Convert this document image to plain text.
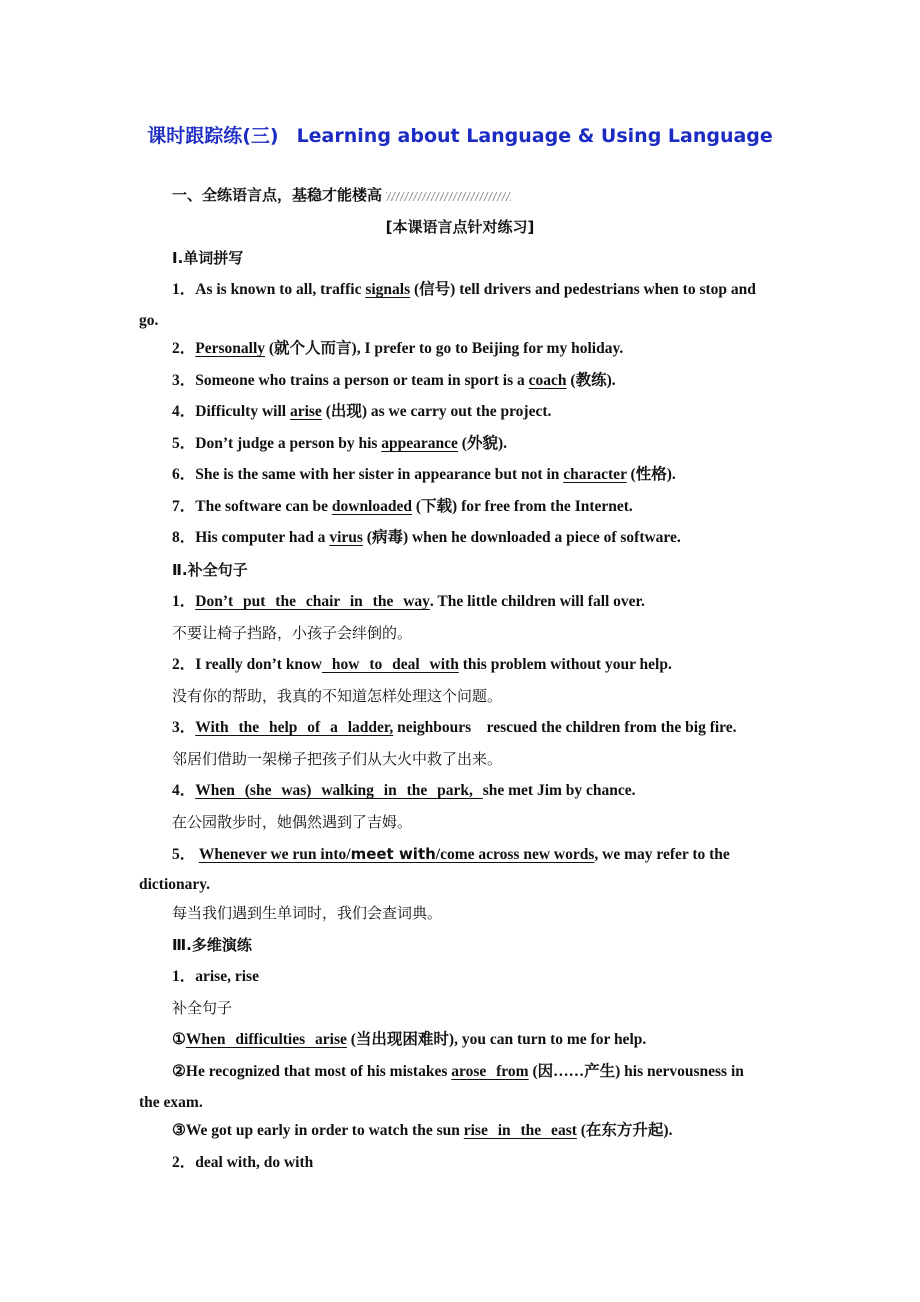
课时跟踪练(三) Learning about Language & Using Language
一、全练语言点，基稳才能楼高
[本课语言点针对练习]
Ⅰ.单词拼写
1．As is known to all, traffic signals (信号) tell drivers and pedestrians when to stop and
go.
2．Personally (就个人而言), I prefer to go to Beijing for my holiday.
3．Someone who trains a person or team in sport is a coach (教练).
4．Difficulty will arise (出现) as we carry out the project.
5．Don’t judge a person by his appearance (外貌).
6．She is the same with her sister in appearance but not in character (性格).
7．The software can be downloaded (下载) for free from the Internet.
8．His computer had a virus (病毒) when he downloaded a piece of software.
Ⅱ.补全句子
1．Don’t put the chair in the way. The little children will fall over.
不要让椅子挡路，小孩子会绊倒的。
2．I really don’t know how to deal with this problem without your help.
没有你的帮助，我真的不知道怎样处理这个问题。
3．With the help of a ladder, neighbours    rescued the children from the big fire.
邻居们借助一架梯子把孩子们从大火中救了出来。
4．When (she was) walking in the park, she met Jim by chance.
在公园散步时，她偶然遇到了吉姆。
5． Whenever we run into/meet with/come across new words, we may refer to the
dictionary.
每当我们遇到生单词时，我们会查词典。
Ⅲ.多维演练
1．arise, rise
补全句子
①When difficulties arise (当出现困难时), you can turn to me for help.
②He recognized that most of his mistakes arose from (因……产生) his nervousness in
the exam.
③We got up early in order to watch the sun rise in the east (在东方升起).
2．deal with, do with
